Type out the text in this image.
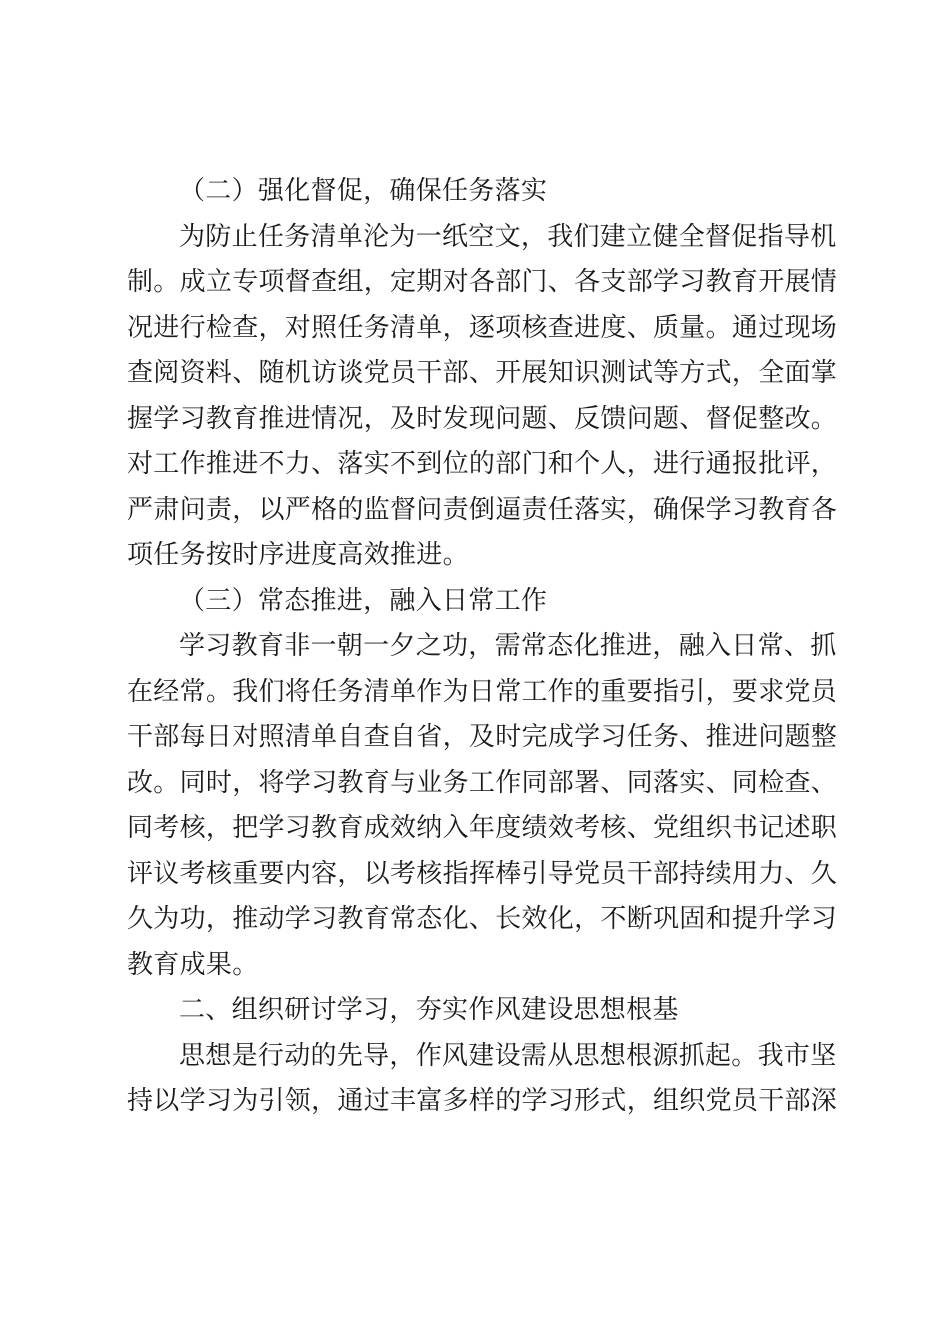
（二）强化督促，确保任务落实
为防止任务清单沦为一纸空文，我们建立健全督促指导机
制。成立专项督查组，定期对各部门、各支部学习教育开展情
况进行检查，对照任务清单，逐项核查进度、质量。通过现场
查阅资料、随机访谈党员干部、开展知识测试等方式，全面掌
握学习教育推进情况，及时发现问题、反馈问题、督促整改。
对工作推进不力、落实不到位的部门和个人，进行通报批评，
严肃问责，以严格的监督问责倒逼责任落实，确保学习教育各
项任务按时序进度高效推进。
（三）常态推进，融入日常工作
学习教育非一朝一夕之功，需常态化推进，融入日常、抓
在经常。我们将任务清单作为日常工作的重要指引，要求党员
干部每日对照清单自查自省，及时完成学习任务、推进问题整
改。同时，将学习教育与业务工作同部署、同落实、同检查、
同考核，把学习教育成效纳入年度绩效考核、党组织书记述职
评议考核重要内容，以考核指挥棒引导党员干部持续用力、久
久为功，推动学习教育常态化、长效化，不断巩固和提升学习
教育成果。
二、组织研讨学习，夯实作风建设思想根基
思想是行动的先导，作风建设需从思想根源抓起。我市坚
持以学习为引领，通过丰富多样的学习形式，组织党员干部深
